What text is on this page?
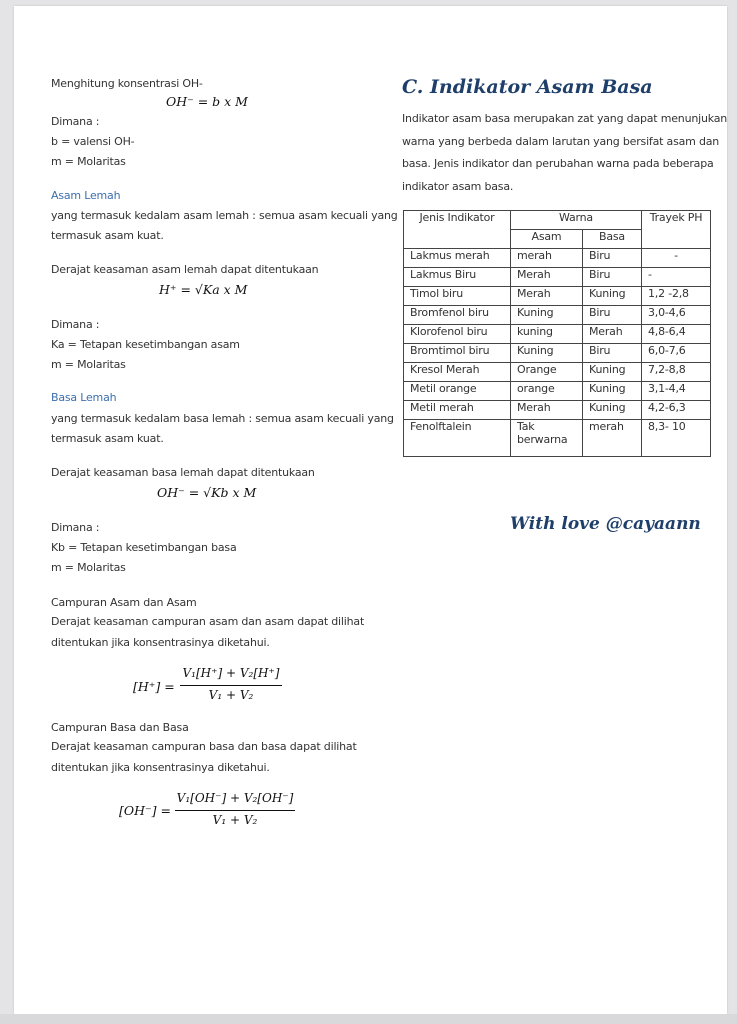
Menghitung konsentrasi OH-
OH⁻ = b x M
Dimana :
b = valensi OH-
m = Molaritas
Asam Lemah
yang termasuk kedalam asam lemah : semua asam kecuali yang
termasuk asam kuat.
Derajat keasaman asam lemah dapat ditentukaan
H⁺ = √Ka x M
Dimana :
Ka = Tetapan kesetimbangan asam
m = Molaritas
Basa Lemah
yang termasuk kedalam basa lemah : semua asam kecuali yang
termasuk asam kuat.
Derajat keasaman basa lemah dapat ditentukaan
OH⁻ = √Kb x M
Dimana :
Kb = Tetapan kesetimbangan basa
m = Molaritas
Campuran Asam dan Asam
Derajat keasaman campuran asam dan asam dapat dilihat
ditentukan jika konsentrasinya diketahui.
[H⁺] =
V₁[H⁺] + V₂[H⁺]
V₁ + V₂
Campuran Basa dan Basa
Derajat keasaman campuran basa dan basa dapat dilihat
ditentukan jika konsentrasinya diketahui.
[OH⁻] =
V₁[OH⁻] + V₂[OH⁻]
V₁ + V₂
C. Indikator Asam Basa
Indikator asam basa merupakan zat yang dapat menunjukan
warna yang berbeda dalam larutan yang bersifat asam dan
basa. Jenis indikator dan perubahan warna pada beberapa
indikator asam basa.
Jenis Indikator	Warna		Trayek PH
	Asam	Basa	
Lakmus merah	merah	Biru	-
Lakmus Biru	Merah	Biru	-
Timol biru	Merah	Kuning	1,2 -2,8
Bromfenol biru	Kuning	Biru	3,0-4,6
Klorofenol biru	kuning	Merah	4,8-6,4
Bromtimol biru	Kuning	Biru	6,0-7,6
Kresol Merah	Orange	Kuning	7,2-8,8
Metil orange	orange	Kuning	3,1-4,4
Metil merah	Merah	Kuning	4,2-6,3
Fenolftalein	Tak berwarna	merah	8,3- 10
With love @cayaann
